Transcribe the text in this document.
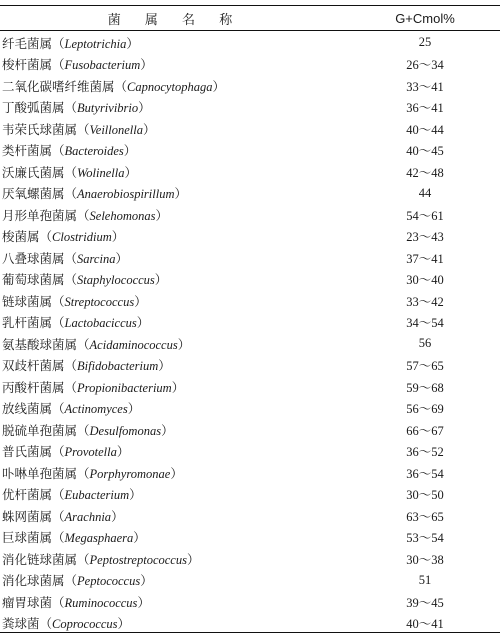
菌 属 名 称	G+Cmol%
纤毛菌属（Leptotrichia）	25
梭杆菌属（Fusobacterium）	26～34
二氧化碳嗜纤维菌属（Capnocytophaga）	33～41
丁酸弧菌属（Butyrivibrio）	36～41
韦荣氏球菌属（Veillonella）	40～44
类杆菌属（Bacteroides）	40～45
沃廉氏菌属（Wolinella）	42～48
厌氧螺菌属（Anaerobiospirillum）	44
月形单孢菌属（Selehomonas）	54～61
梭菌属（Clostridium）	23～43
八叠球菌属（Sarcina）	37～41
葡萄球菌属（Staphylococcus）	30～40
链球菌属（Streptococcus）	33～42
乳杆菌属（Lactobaciccus）	34～54
氨基酸球菌属（Acidaminococcus）	56
双歧杆菌属（Bifidobacterium）	57～65
丙酸杆菌属（Propionibacterium）	59～68
放线菌属（Actinomyces）	56～69
脱硫单孢菌属（Desulfomonas）	66～67
普氏菌属（Provotella）	36～52
卟啉单孢菌属（Porphyromonae）	36～54
优杆菌属（Eubacterium）	30～50
蛛网菌属（Arachnia）	63～65
巨球菌属（Megasphaera）	53～54
消化链球菌属（Peptostreptococcus）	30～38
消化球菌属（Peptococcus）	51
瘤胃球菌（Ruminococcus）	39～45
粪球菌（Coprococcus）	40～41
